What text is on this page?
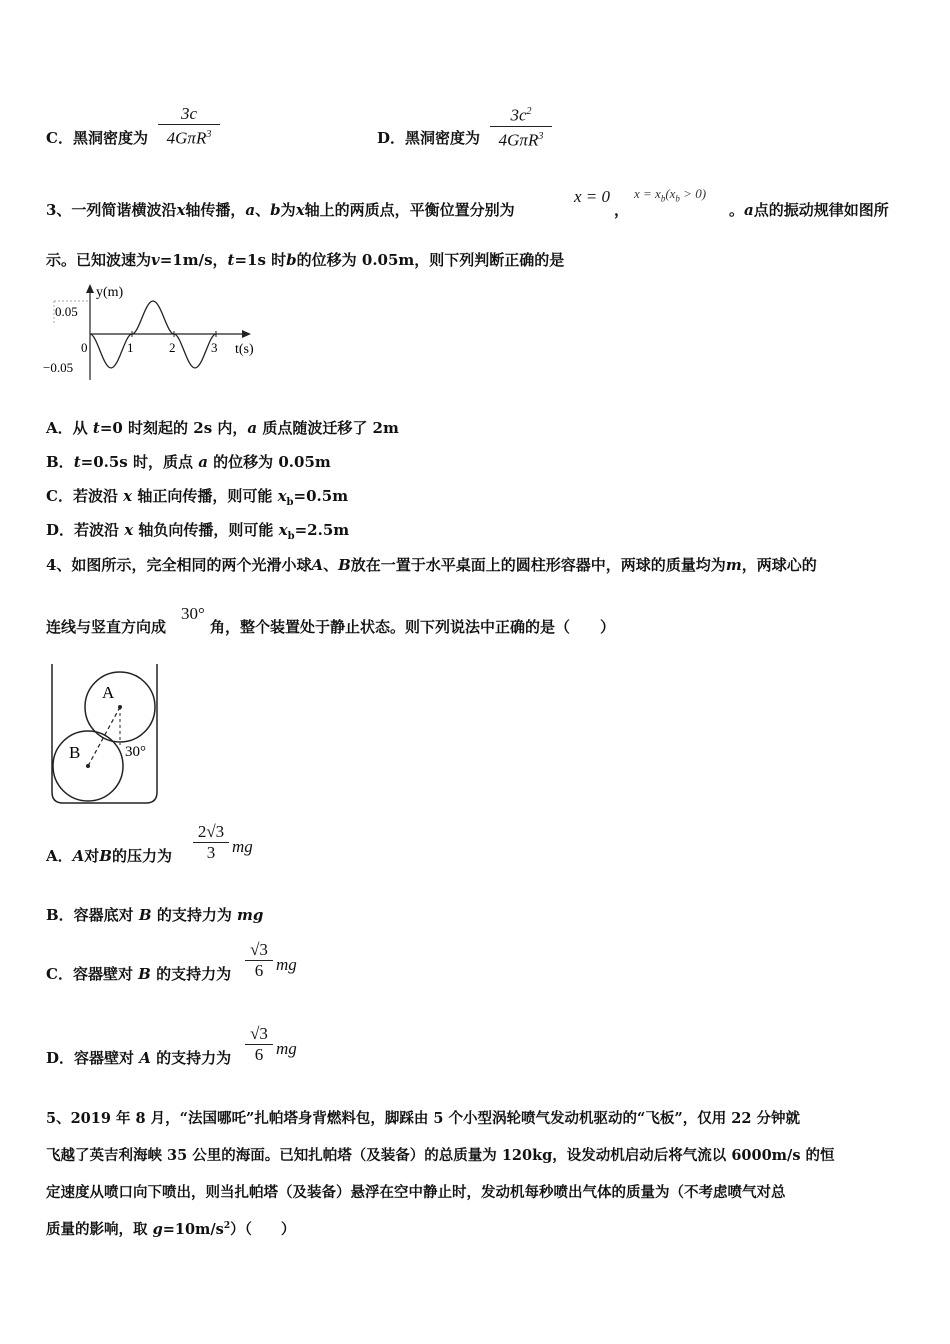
C．黑洞密度为
3c
4GπR$^3$	D．黑洞密度为
$3c^2$
4GπR$^3$
3、一列简谐横波沿x轴传播，a、b为x轴上的两质点，平衡位置分别为
x = 0
，
$x = x_b(x_b > 0)$
。a点的振动规律如图所
示。已知波速为v=1m/s，t=1s 时b的位移为 0.05m，则下列判断正确的是
y(m)
t(s)
0.05
−0.05
0	1	2	3
A．从 t=0 时刻起的 2s 内，a 质点随波迁移了 2m
B．t=0.5s 时，质点 a 的位移为 0.05m
C．若波沿 x 轴正向传播，则可能 $x_b=0.5m$
D．若波沿 x 轴负向传播，则可能 $x_b=2.5m$
4、如图所示，完全相同的两个光滑小球A、B放在一置于水平桌面上的圆柱形容器中，两球的质量均为m，两球心的
连线与竖直方向成
30°
角，整个装置处于静止状态。则下列说法中正确的是（　　）
A
B	30°
A．A对B的压力为 $\frac{2√3}{3}$ mg
B．容器底对 B 的支持力为 mg
C．容器壁对 B 的支持力为 $\frac{√3}{6}$ mg
D．容器壁对 A 的支持力为 $\frac{√3}{6}$ mg
5、2019 年 8 月，“法国哪吒”扎帕塔身背燃料包，脚踩由 5 个小型涡轮喷气发动机驱动的“飞板”，仅用 22 分钟就
飞越了英吉利海峡 35 公里的海面。已知扎帕塔（及装备）的总质量为 120kg，设发动机启动后将气流以 6000m/s 的恒
定速度从喷口向下喷出，则当扎帕塔（及装备）悬浮在空中静止时，发动机每秒喷出气体的质量为（不考虑喷气对总
质量的影响，取 $g=10m/s^2$）（　　）
